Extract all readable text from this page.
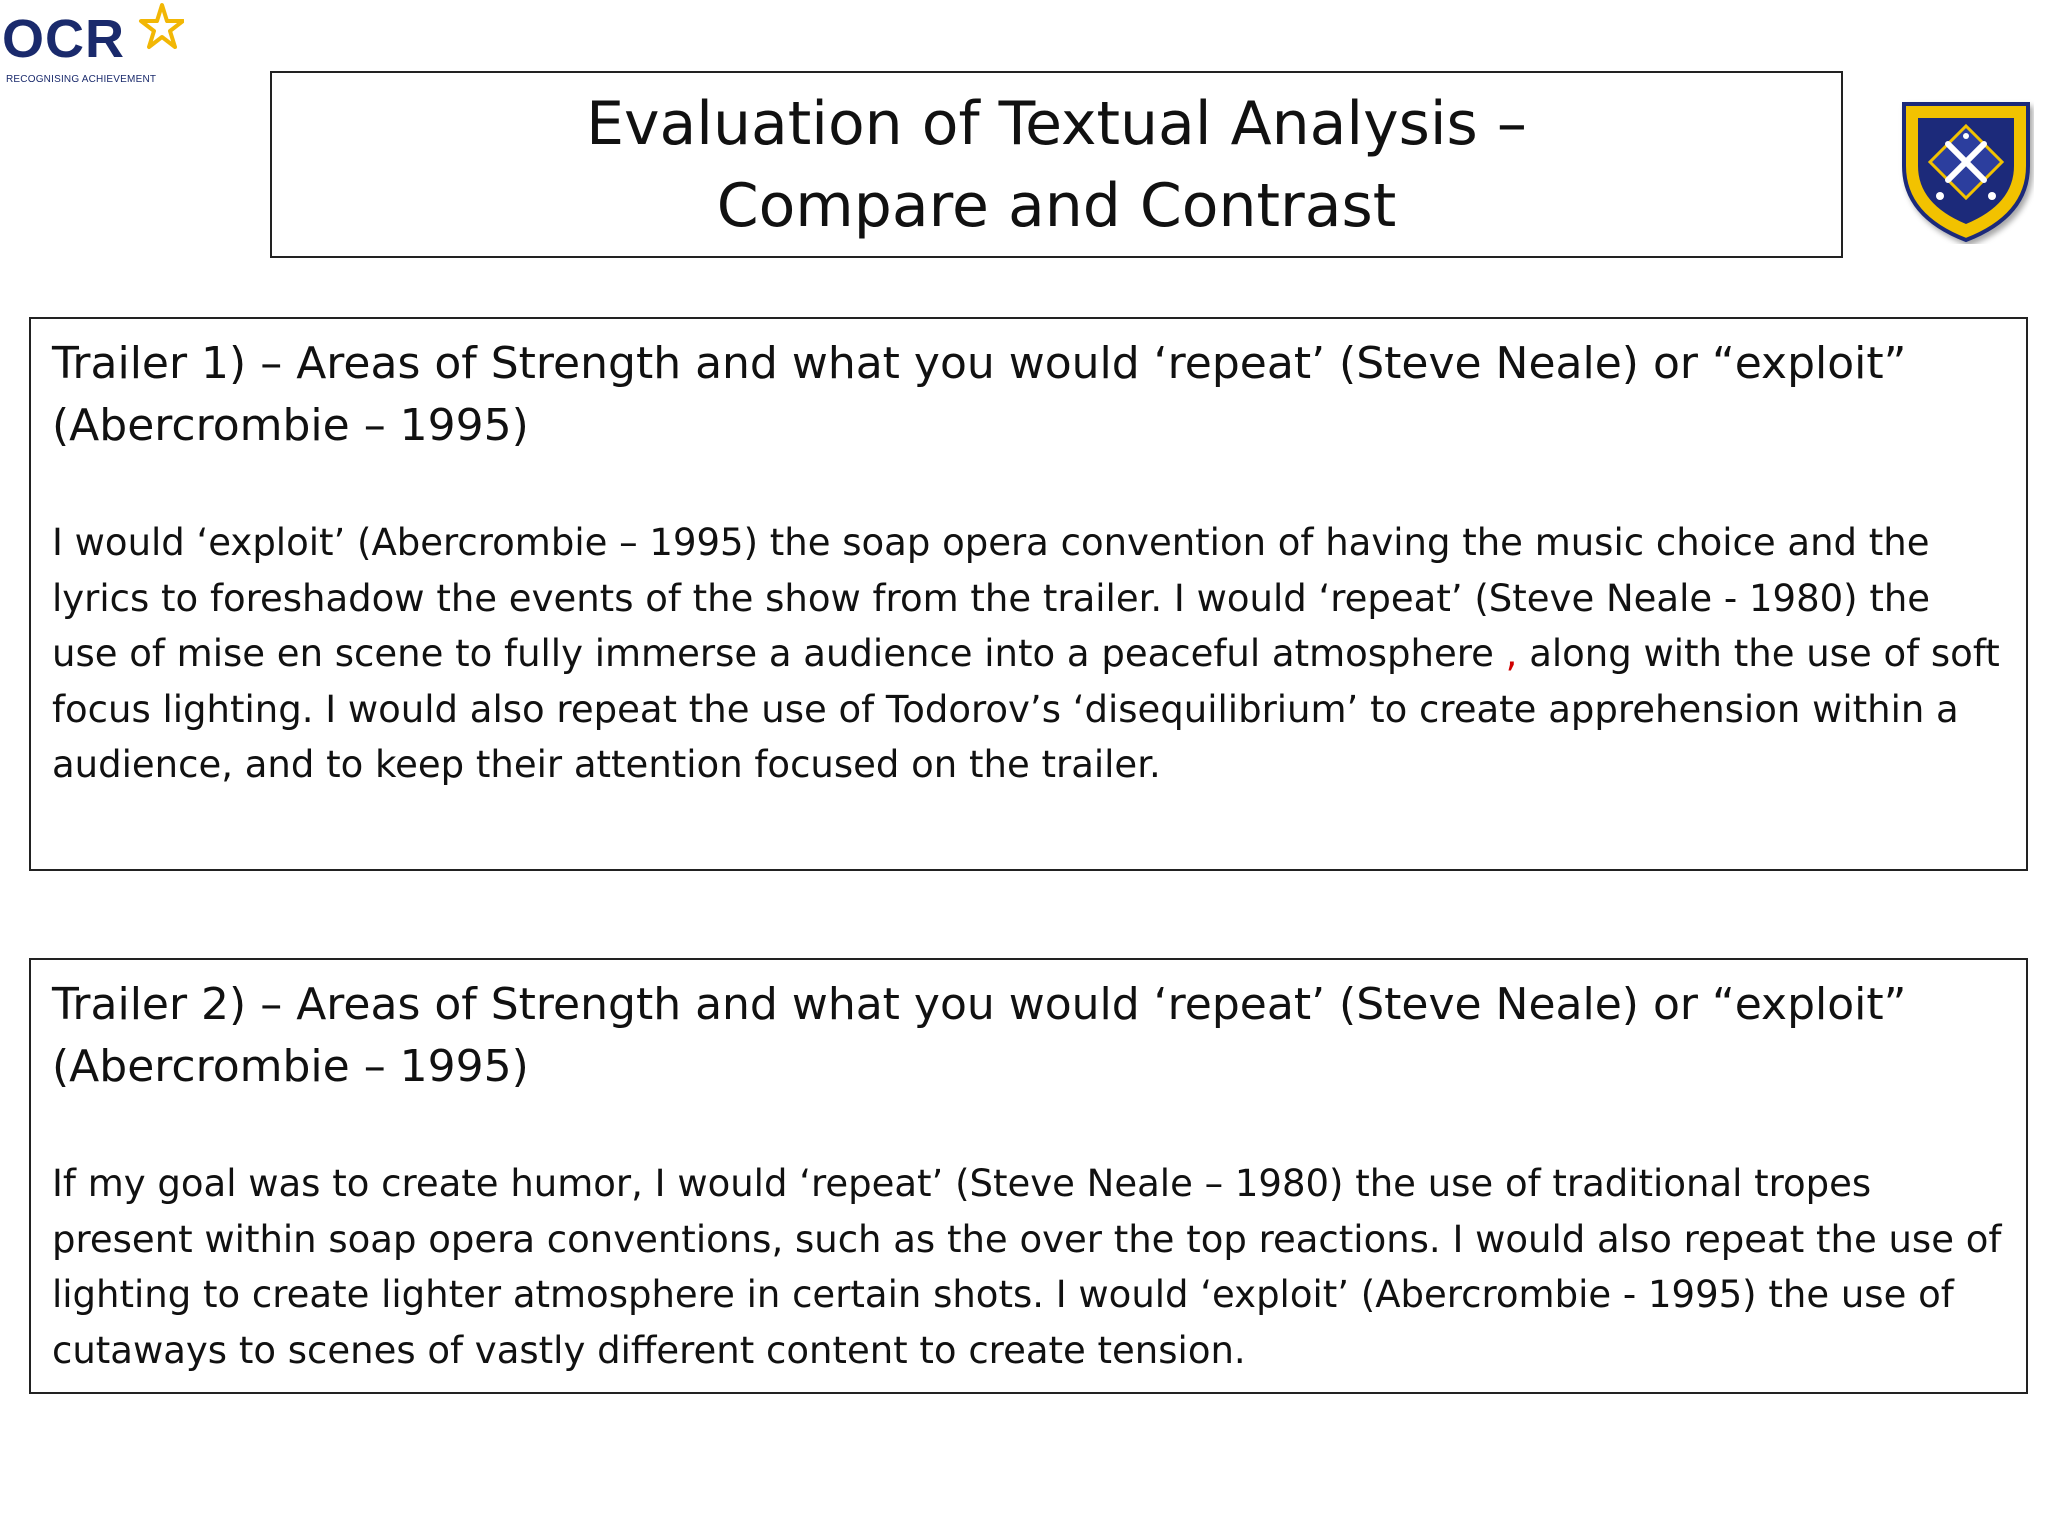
OCR
RECOGNISING ACHIEVEMENT
Evaluation of Textual Analysis –
Compare and Contrast

Trailer 1) – Areas of Strength and what you would ‘repeat’ (Steve Neale) or “exploit”
(Abercrombie – 1995)

I would ‘exploit’ (Abercrombie – 1995) the soap opera convention of having the music choice and the lyrics to foreshadow the events of the show from the trailer. I would ‘repeat’ (Steve Neale - 1980) the use of mise en scene to fully immerse a audience into a peaceful atmosphere , along with the use of soft focus lighting. I would also repeat the use of Todorov’s ‘disequilibrium’ to create apprehension within a audience, and to keep their attention focused on the trailer.

Trailer 2) – Areas of Strength and what you would ‘repeat’ (Steve Neale) or “exploit”
(Abercrombie – 1995)

If my goal was to create humor, I would ‘repeat’ (Steve Neale – 1980) the use of traditional tropes present within soap opera conventions, such as the over the top reactions. I would also repeat the use of lighting to create lighter atmosphere in certain shots. I would ‘exploit’ (Abercrombie - 1995) the use of cutaways to scenes of vastly different content to create tension.
